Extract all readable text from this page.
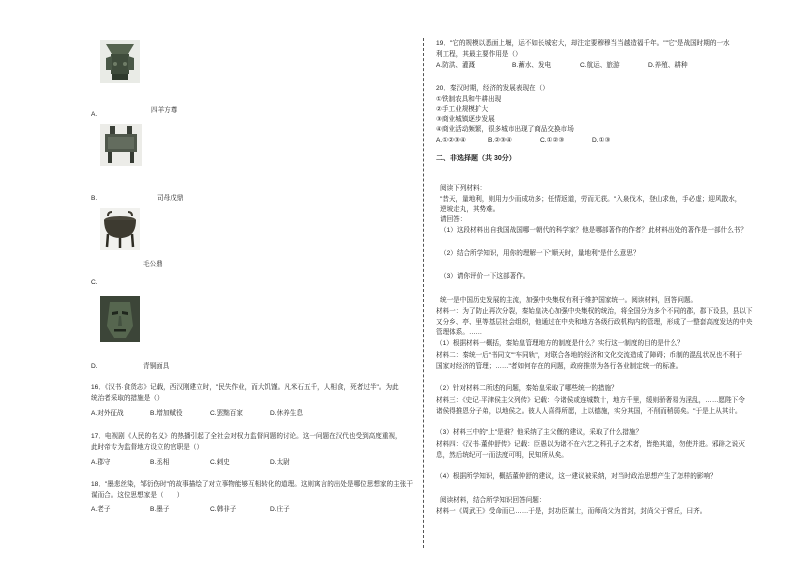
A.
四羊方尊
B.	司母戊鼎
C.
毛公鼎
D.	青铜面具
16．《汉书·食货志》记载，西汉刚建立时，"民失作业，而大饥馑。凡米石五千，人相食，死者过半"。为此
统治者采取的措施是（）
A.对外征战	B.增加赋役	C.罢黜百家	D.休养生息
17．电视剧《人民的名义》的热播引起了全社会对权力监督问题的讨论。这一问题在汉代也受到高度重视，
此时帝专为监督地方设立的官职是（）
A.郡守	B.丞相	C.刺史	D.太尉
18．"墨悲丝染，邹衍伤时"的故事描绘了对立事物能够互相转化的道理。这则寓言的出处是哪位思想家的主张干
谋而合。这位思想家是（　　）
A.老子	B.墨子	C.韩非子	D.庄子
19．"它的规模以悉面上堰，运不如长城宏大，却注定要穆穆当当越造福千年。""它"是战国时期的一水
利工程，其最主要作用是（）
A.防洪、灌溉	B.蓄水、发电	C.航运、旅游	D.养殖、耕种
20．秦汉时期，经济的发展表现在（）
①铁制农具和牛耕出现
②手工业规模扩大
③商业城镇逐步发展
④商业活动频繁，很多城市出现了商品交换市场
A.①②③④	B.②③④	C.①②③	D.①③
二、非选择题（共 30分）
阅读下列材料：
"昔天，量地利，则用力少而成功多；任情返道，劳而无获。"入泉伐木，登山求鱼，手必虚；迎风散水，
逆坡走丸，其势难。
请回答：
（1）这段材料出自我国战国哪一朝代的科学家？他是哪部著作的作者？此材料出处的著作是一部什么书？
（2）结合所学知识，用你的理解一下"顺天时，量地利"是什么意思？
（3）请你评价一下这部著作。
统一是中国历史发展的主流，加强中央集权有利于维护国家统一。阅读材料，回答问题。
材料一：为了防止再次分裂，秦始皇决心加强中央集权的统治，将全国分为多个不同的郡，郡下设县，县以下
又分乡、亭、里等基层社会组织，他通过在中央和地方各级行政机构内的管理，形成了一整套高度发达的中央
管理体系。……
（1）根据材料一概括，秦始皇管理地方的制度是什么？实行这一制度的目的是什么？
材料二：秦统一后"书同文""车同轨"，对联合各地的经济和文化交流造成了障碍；币制的混乱状况也不利于
国家对经济的管理；……"者如何存在的问题，政府推崇为各行各业制定统一的标准。
（2）针对材料二所述的问题，秦始皇采取了哪些统一的措施？
材料三：《史记·平津侯主父列传》记载：今诸侯或连城数十，地方千里，缓则骄奢易为淫乱，……愿陛下令
诸侯得推恩分子弟，以地侯之。彼人人喜得所愿，上以德施，实分其国，不削而稍弱矣。"于是上从其计。
（3）材料三中的"上"是谁？他采纳了主父偃的建议，采取了什么措施？
材料四：《汉书·董仲舒传》记载：臣愚以为诸不在六艺之科孔子之术者，皆绝其道，勿使并进。邪辟之说灭
息，然后统纪可一而法度可明，民知所从矣。
（4）根据所学知识，概括董仲舒的建议，这一建议被采纳，对当时政治思想产生了怎样的影响？
阅读材料，结合所学知识回答问题：
材料一《周武王》受命而已……于是，封功臣谋士，而师尚父为首封，封尚父于营丘，曰齐。
